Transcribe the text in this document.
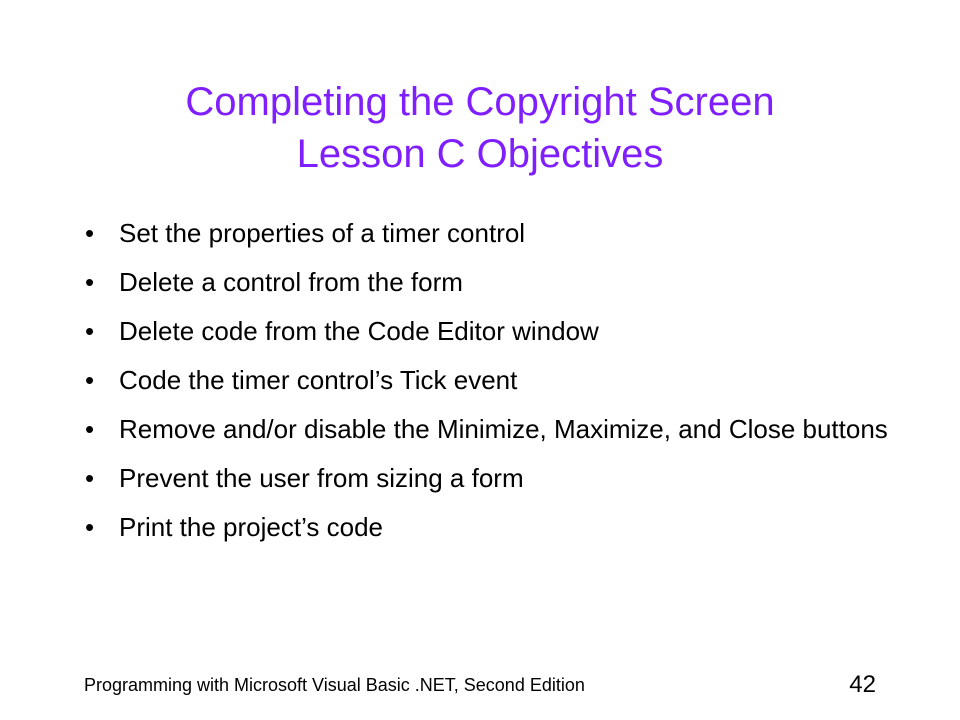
Completing the Copyright Screen
Lesson C Objectives
• Set the properties of a timer control
• Delete a control from the form
• Delete code from the Code Editor window
• Code the timer control’s Tick event
• Remove and/or disable the Minimize, Maximize, and Close buttons
• Prevent the user from sizing a form
• Print the project’s code
Programming with Microsoft Visual Basic .NET, Second Edition	42
